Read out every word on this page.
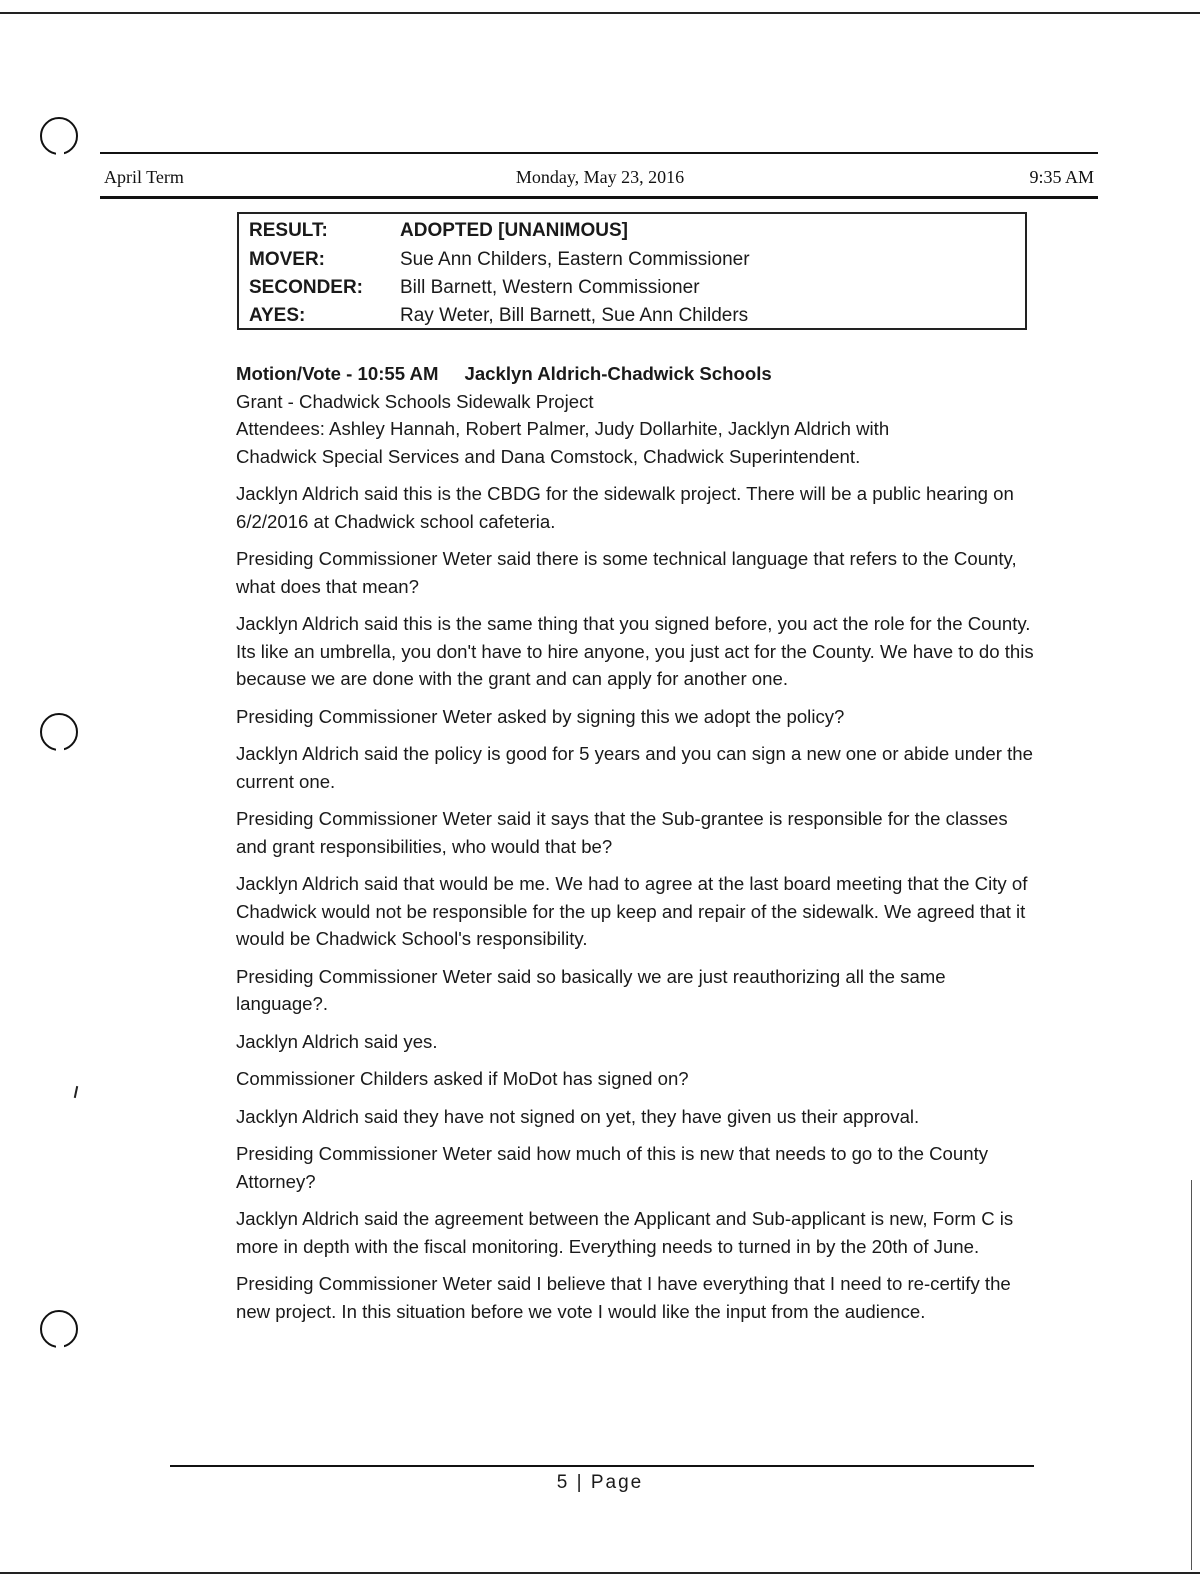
April Term	Monday, May 23, 2016	9:35 AM
RESULT:	ADOPTED [UNANIMOUS]
MOVER:	Sue Ann Childers, Eastern Commissioner
SECONDER: Bill Barnett, Western Commissioner
AYES:	Ray Weter, Bill Barnett, Sue Ann Childers
Motion/Vote - 10:55 AM Jacklyn Aldrich-Chadwick Schools
Grant - Chadwick Schools Sidewalk Project
Attendees: Ashley Hannah, Robert Palmer, Judy Dollarhite, Jacklyn Aldrich with
Chadwick Special Services and Dana Comstock, Chadwick Superintendent.

Jacklyn Aldrich said this is the CBDG for the sidewalk project. There will be a public hearing on 6/2/2016 at Chadwick school cafeteria.

Presiding Commissioner Weter said there is some technical language that refers to the County, what does that mean?

Jacklyn Aldrich said this is the same thing that you signed before, you act the role for the County. Its like an umbrella, you don't have to hire anyone, you just act for the County. We have to do this because we are done with the grant and can apply for another one.

Presiding Commissioner Weter asked by signing this we adopt the policy?

Jacklyn Aldrich said the policy is good for 5 years and you can sign a new one or abide under the current one.

Presiding Commissioner Weter said it says that the Sub-grantee is responsible for the classes and grant responsibilities, who would that be?

Jacklyn Aldrich said that would be me. We had to agree at the last board meeting that the City of Chadwick would not be responsible for the up keep and repair of the sidewalk. We agreed that it would be Chadwick School's responsibility.

Presiding Commissioner Weter said so basically we are just reauthorizing all the same language?.

Jacklyn Aldrich said yes.

Commissioner Childers asked if MoDot has signed on?

Jacklyn Aldrich said they have not signed on yet, they have given us their approval.

Presiding Commissioner Weter said how much of this is new that needs to go to the County Attorney?

Jacklyn Aldrich said the agreement between the Applicant and Sub-applicant is new, Form C is more in depth with the fiscal monitoring. Everything needs to turned in by the 20th of June.

Presiding Commissioner Weter said I believe that I have everything that I need to re-certify the new project. In this situation before we vote I would like the input from the audience.

5 | Page
